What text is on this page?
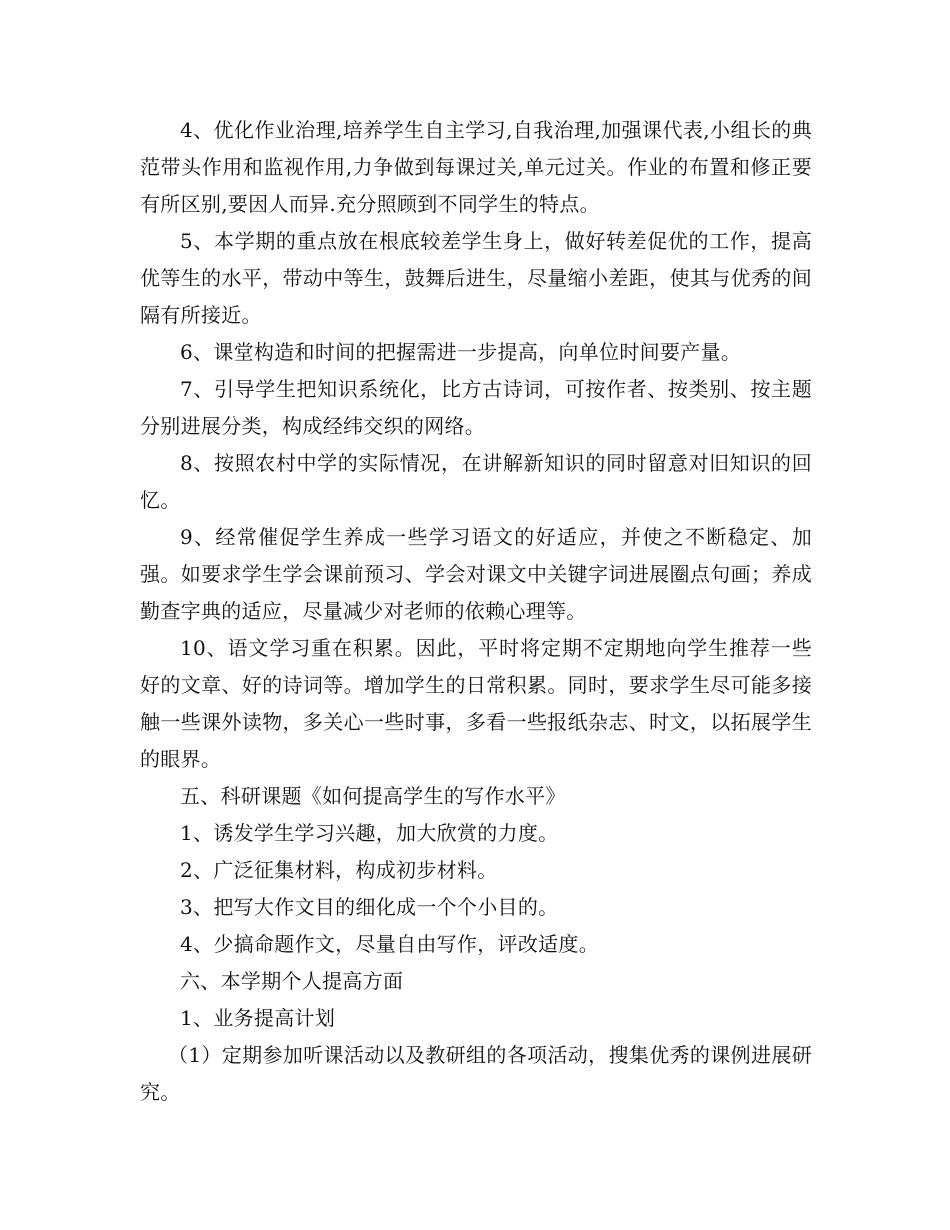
4、优化作业治理,培养学生自主学习,自我治理,加强课代表,小组长的典范带头作用和监视作用,力争做到每课过关,单元过关。作业的布置和修正要有所区别,要因人而异.充分照顾到不同学生的特点。

5、本学期的重点放在根底较差学生身上，做好转差促优的工作，提高优等生的水平，带动中等生，鼓舞后进生，尽量缩小差距，使其与优秀的间隔有所接近。

6、课堂构造和时间的把握需进一步提高，向单位时间要产量。

7、引导学生把知识系统化，比方古诗词，可按作者、按类别、按主题分别进展分类，构成经纬交织的网络。

8、按照农村中学的实际情况，在讲解新知识的同时留意对旧知识的回忆。

9、经常催促学生养成一些学习语文的好适应，并使之不断稳定、加强。如要求学生学会课前预习、学会对课文中关键字词进展圈点句画；养成勤查字典的适应，尽量减少对老师的依赖心理等。

10、语文学习重在积累。因此，平时将定期不定期地向学生推荐一些好的文章、好的诗词等。增加学生的日常积累。同时，要求学生尽可能多接触一些课外读物，多关心一些时事，多看一些报纸杂志、时文，以拓展学生的眼界。

五、科研课题《如何提高学生的写作水平》

1、诱发学生学习兴趣，加大欣赏的力度。

2、广泛征集材料，构成初步材料。

3、把写大作文目的细化成一个个小目的。

4、少搞命题作文，尽量自由写作，评改适度。

六、本学期个人提高方面

1、业务提高计划

（1）定期参加听课活动以及教研组的各项活动，搜集优秀的课例进展研究。
